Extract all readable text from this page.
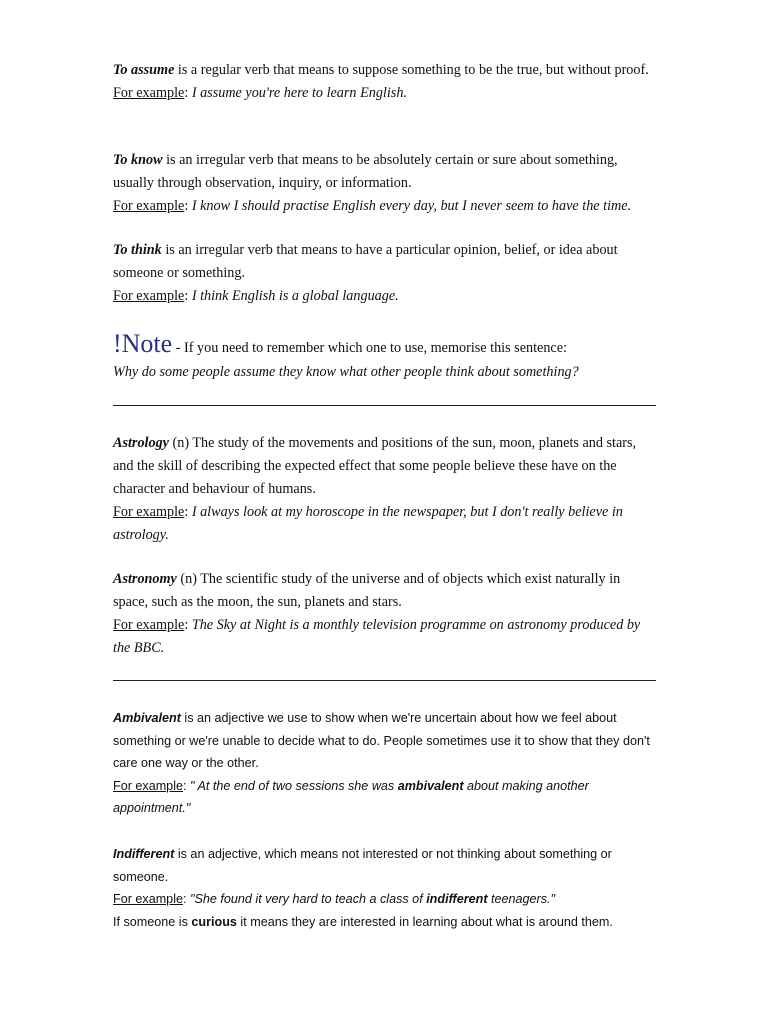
To assume is a regular verb that means to suppose something to be the true, but without proof.
For example: I assume you're here to learn English.
To know is an irregular verb that means to be absolutely certain or sure about something, usually through observation, inquiry, or information.
For example: I know I should practise English every day, but I never seem to have the time.
To think is an irregular verb that means to have a particular opinion, belief, or idea about someone or something.
For example: I think English is a global language.
!Note - If you need to remember which one to use, memorise this sentence:
Why do some people assume they know what other people think about something?
Astrology (n) The study of the movements and positions of the sun, moon, planets and stars, and the skill of describing the expected effect that some people believe these have on the character and behaviour of humans.
For example: I always look at my horoscope in the newspaper, but I don't really believe in astrology.
Astronomy (n) The scientific study of the universe and of objects which exist naturally in space, such as the moon, the sun, planets and stars.
For example: The Sky at Night is a monthly television programme on astronomy produced by the BBC.
Ambivalent is an adjective we use to show when we're uncertain about how we feel about something or we're unable to decide what to do. People sometimes use it to show that they don't care one way or the other.
For example: " At the end of two sessions she was ambivalent about making another appointment."
Indifferent is an adjective, which means not interested or not thinking about something or someone.
For example: "She found it very hard to teach a class of indifferent teenagers."
If someone is curious it means they are interested in learning about what is around them.
